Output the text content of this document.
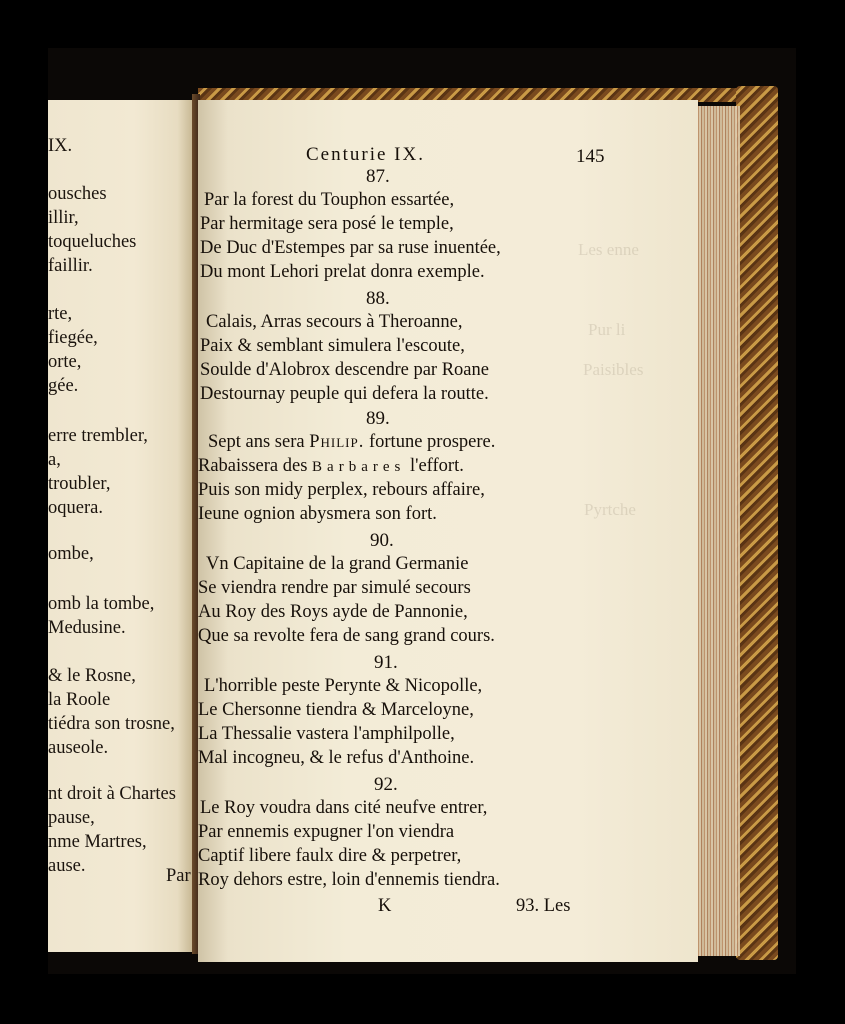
IX.
ousches
illir,
toqueluches
faillir.
rte,
fiegée,
orte,
gée.
erre trembler,
a,
troubler,
oquera.
ombe,
omb la tombe,
Medusine.
& le Rosne,
la Roole
tiédra son trosne,
auseole.
nt droit à Chartes
pause,
nme Martres,
ause.	Par
Les enne
Pur li
Paisibles
Pyrtche
Centurie IX.	145
87.
Par la forest du Touphon essartée,
Par hermitage sera posé le temple,
De Duc d'Estempes par sa ruse inuentée,
Du mont Lehori prelat donra exemple.
88.
Calais, Arras secours à Theroanne,
Paix & semblant simulera l'escoute,
Soulde d'Alobrox descendre par Roane
Destournay peuple qui defera la routte.
89.
Sept ans sera Philip. fortune prospere.
Rabaissera des Barbares l'effort.
Puis son midy perplex, rebours affaire,
Ieune ognion abysmera son fort.
90.
Vn Capitaine de la grand Germanie
Se viendra rendre par simulé secours
Au Roy des Roys ayde de Pannonie,
Que sa revolte fera de sang grand cours.
91.
L'horrible peste Perynte & Nicopolle,
Le Chersonne tiendra & Marceloyne,
La Thessalie vastera l'amphilpolle,
Mal incogneu, & le refus d'Anthoine.
92.
Le Roy voudra dans cité neufve entrer,
Par ennemis expugner l'on viendra
Captif libere faulx dire & perpetrer,
Roy dehors estre, loin d'ennemis tiendra.
K	93. Les
